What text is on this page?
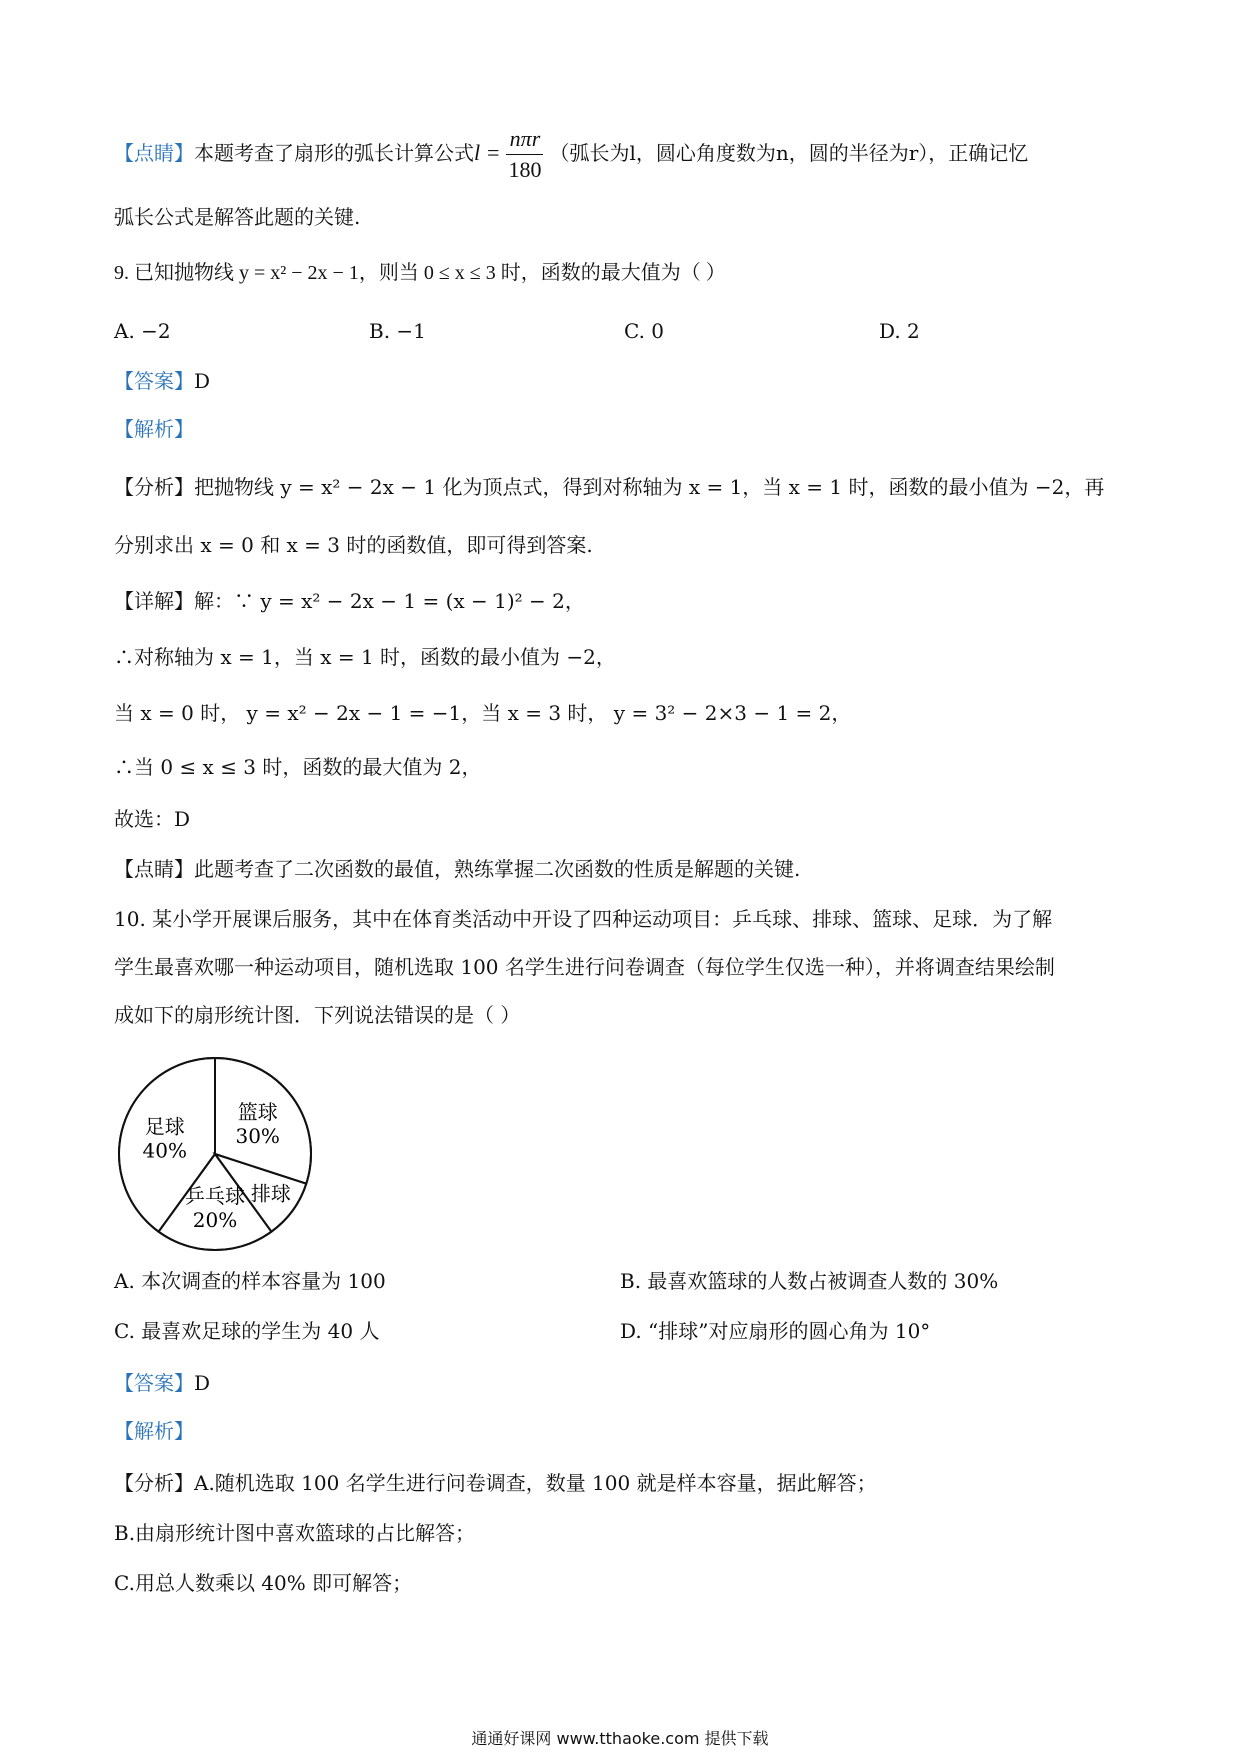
【点睛】本题考查了扇形的弧长计算公式$l = \frac{\text{nπr}}{180}$ （弧长为l，圆心角度数为n，圆的半径为r），正确记忆
弧长公式是解答此题的关键.
9. 已知抛物线 y = x² − 2x − 1，则当 0 ≤ x ≤ 3 时，函数的最大值为（ ）
A. −2	B. −1	C. 0	D. 2
【答案】D
【解析】
【分析】把抛物线 y = x² − 2x − 1 化为顶点式，得到对称轴为 x = 1，当 x = 1 时，函数的最小值为 −2，再
分别求出 x = 0 和 x = 3 时的函数值，即可得到答案.
【详解】解：∵ y = x² − 2x − 1 = (x − 1)² − 2，
∴对称轴为 x = 1，当 x = 1 时，函数的最小值为 −2，
当 x = 0 时， y = x² − 2x − 1 = −1，当 x = 3 时， y = 3² − 2×3 − 1 = 2，
∴当 0 ≤ x ≤ 3 时，函数的最大值为 2，
故选：D
【点睛】此题考查了二次函数的最值，熟练掌握二次函数的性质是解题的关键.
10. 某小学开展课后服务，其中在体育类活动中开设了四种运动项目：乒乓球、排球、篮球、足球．为了解
学生最喜欢哪一种运动项目，随机选取 100 名学生进行问卷调查（每位学生仅选一种），并将调查结果绘制
成如下的扇形统计图．下列说法错误的是（ ）
篮球
30%
排球
乒乓球
20%
足球
40%
A. 本次调查的样本容量为 100	B. 最喜欢篮球的人数占被调查人数的 30%
C. 最喜欢足球的学生为 40 人	D. “排球”对应扇形的圆心角为 10°
【答案】D
【解析】
【分析】A.随机选取 100 名学生进行问卷调查，数量 100 就是样本容量，据此解答；
B.由扇形统计图中喜欢篮球的占比解答；
C.用总人数乘以 40% 即可解答；
通通好课网 www.tthaoke.com 提供下载
